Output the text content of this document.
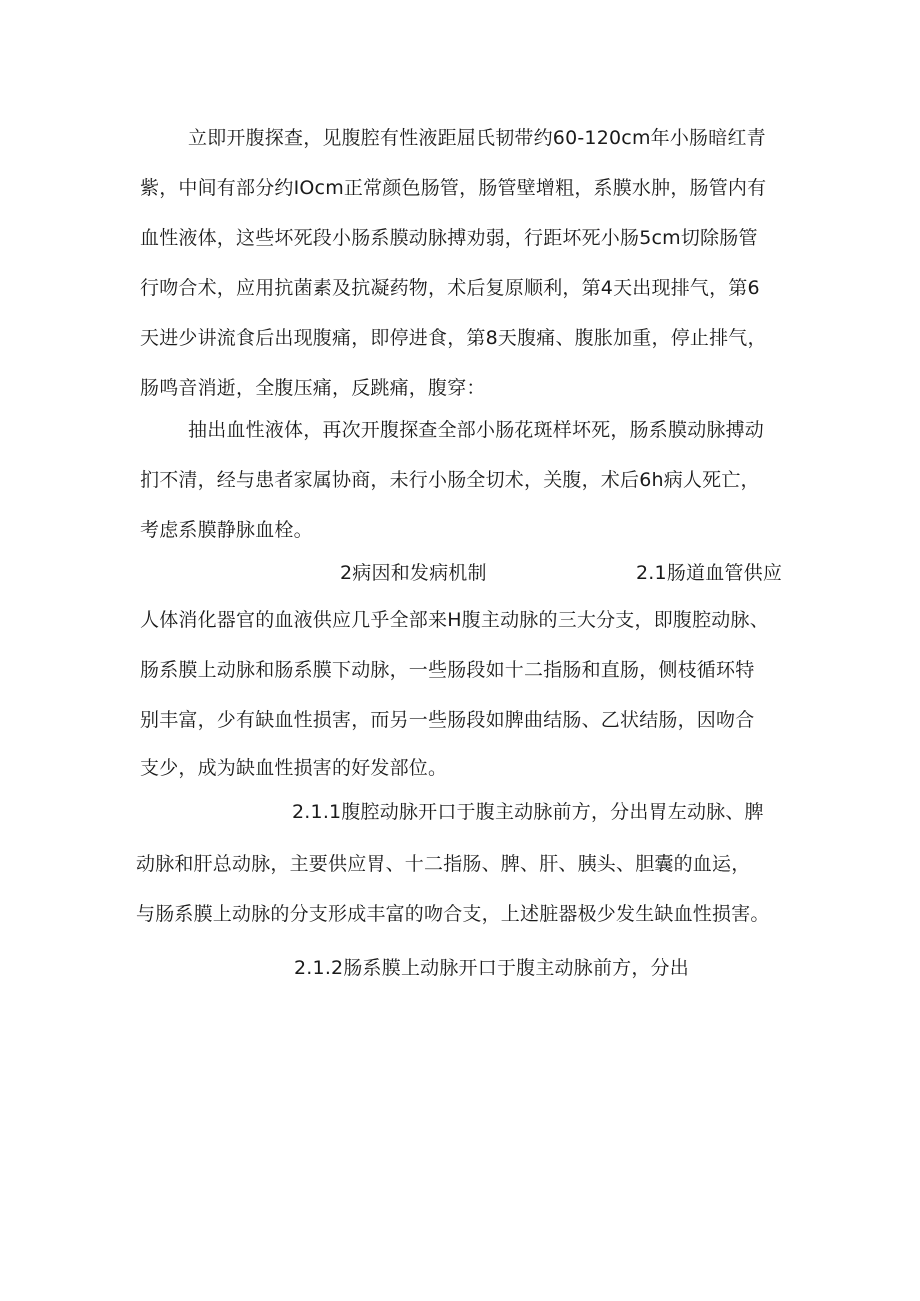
立即开腹探查，见腹腔有性液距屈氏韧带约60-120cm年小肠暗红青
紫，中间有部分约IOcm正常颜色肠管，肠管壁增粗，系膜水肿，肠管内有
血性液体，这些坏死段小肠系膜动脉搏劝弱，行距坏死小肠5cm切除肠管
行吻合术，应用抗菌素及抗凝药物，术后复原顺利，第4天出现排气，第6
天进少讲流食后出现腹痛，即停进食，第8天腹痛、腹胀加重，停止排气，
肠鸣音消逝，全腹压痛，反跳痛，腹穿：
抽出血性液体，再次开腹探查全部小肠花斑样坏死，肠系膜动脉搏动
扪不清，经与患者家属协商，未行小肠全切术，关腹，术后6h病人死亡，
考虑系膜静脉血栓。
2病因和发病机制	2.1肠道血管供应
人体消化器官的血液供应几乎全部来H腹主动脉的三大分支，即腹腔动脉、
肠系膜上动脉和肠系膜下动脉，一些肠段如十二指肠和直肠，侧枝循环特
别丰富，少有缺血性损害，而另一些肠段如脾曲结肠、乙状结肠，因吻合
支少，成为缺血性损害的好发部位。
2.1.1腹腔动脉开口于腹主动脉前方，分出胃左动脉、脾
动脉和肝总动脉，主要供应胃、十二指肠、脾、肝、胰头、胆囊的血运，
与肠系膜上动脉的分支形成丰富的吻合支，上述脏器极少发生缺血性损害。
2.1.2肠系膜上动脉开口于腹主动脉前方，分出
